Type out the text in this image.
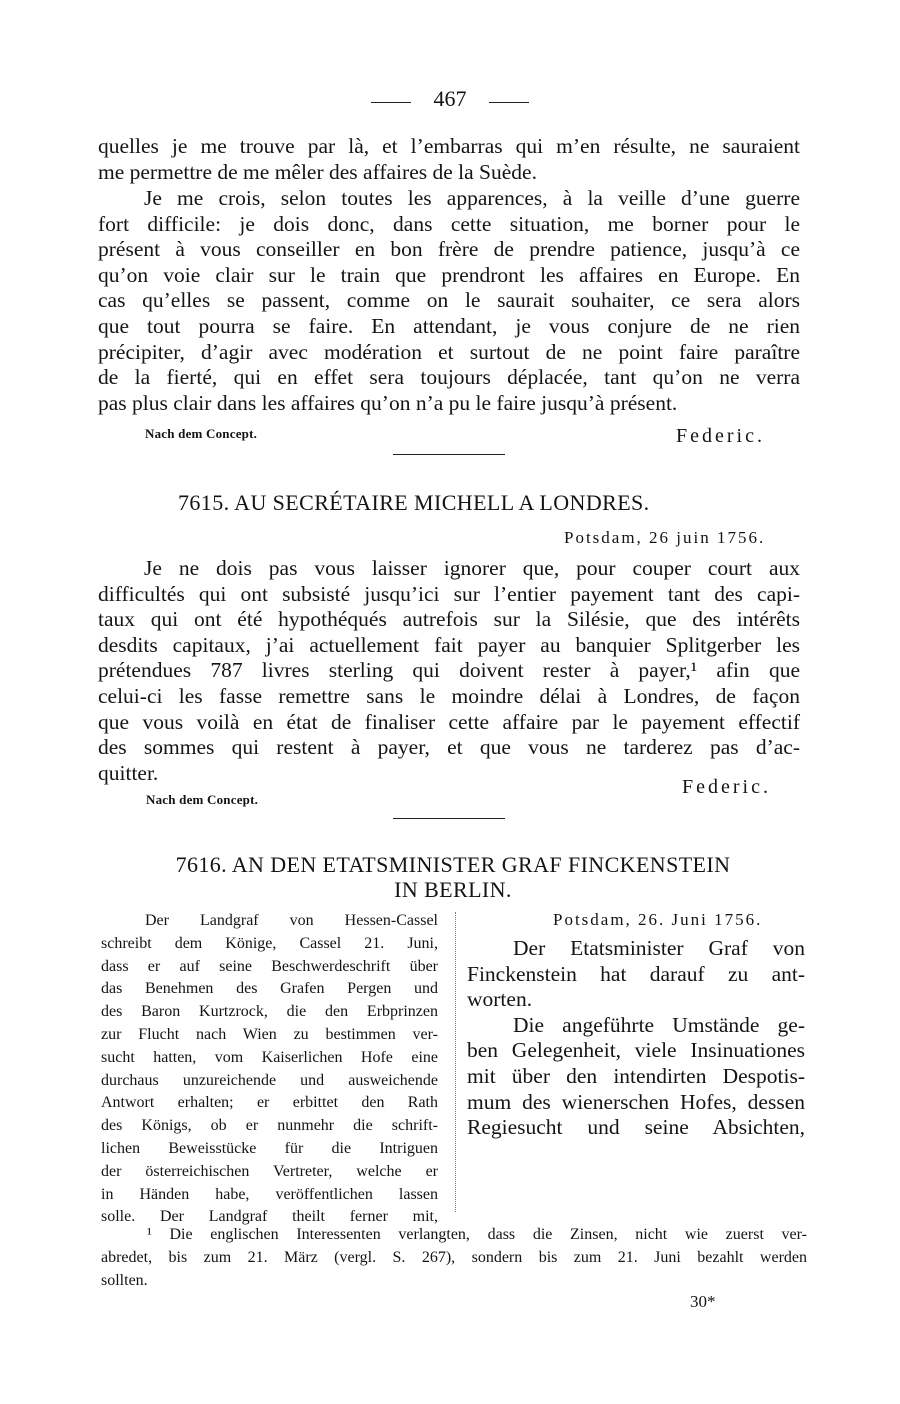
467
quelles je me trouve par là, et l’embarras qui m’en résulte, ne sauraient
me permettre de me mêler des affaires de la Suède.
Je me crois, selon toutes les apparences, à la veille d’une guerre
fort difficile: je dois donc, dans cette situation, me borner pour le
présent à vous conseiller en bon frère de prendre patience, jusqu’à ce
qu’on voie clair sur le train que prendront les affaires en Europe. En
cas qu’elles se passent, comme on le saurait souhaiter, ce sera alors
que tout pourra se faire. En attendant, je vous conjure de ne rien
précipiter, d’agir avec modération et surtout de ne point faire paraître
de la fierté, qui en effet sera toujours déplacée, tant qu’on ne verra
pas plus clair dans les affaires qu’on n’a pu le faire jusqu’à présent.
Nach dem Concept.	Federic.
7615. AU SECRÉTAIRE MICHELL A LONDRES.
Potsdam, 26 juin 1756.
Je ne dois pas vous laisser ignorer que, pour couper court aux
difficultés qui ont subsisté jusqu’ici sur l’entier payement tant des capi-
taux qui ont été hypothéqués autrefois sur la Silésie, que des intérêts
desdits capitaux, j’ai actuellement fait payer au banquier Splitgerber les
prétendues 787 livres sterling qui doivent rester à payer,¹ afin que
celui-ci les fasse remettre sans le moindre délai à Londres, de façon
que vous voilà en état de finaliser cette affaire par le payement effectif
des sommes qui restent à payer, et que vous ne tarderez pas d’ac-
quitter.
Federic.
Nach dem Concept.
7616. AN DEN ETATSMINISTER GRAF FINCKENSTEIN
IN BERLIN.
Der Landgraf von Hessen-Cassel
schreibt dem Könige, Cassel 21. Juni,
dass er auf seine Beschwerdeschrift über
das Benehmen des Grafen Pergen und
des Baron Kurtzrock, die den Erbprinzen
zur Flucht nach Wien zu bestimmen ver-
sucht hatten, vom Kaiserlichen Hofe eine
durchaus unzureichende und ausweichende
Antwort erhalten; er erbittet den Rath
des Königs, ob er nunmehr die schrift-
lichen Beweisstücke für die Intriguen
der österreichischen Vertreter, welche er
in Händen habe, veröffentlichen lassen
solle. Der Landgraf theilt ferner mit,
Potsdam, 26. Juni 1756.
Der Etatsminister Graf von
Finckenstein hat darauf zu ant-
worten.
Die angeführte Umstände ge-
ben Gelegenheit, viele Insinuationes
mit über den intendirten Despotis-
mum des wienerschen Hofes, dessen
Regiesucht und seine Absichten,
¹ Die englischen Interessenten verlangten, dass die Zinsen, nicht wie zuerst ver-
abredet, bis zum 21. März (vergl. S. 267), sondern bis zum 21. Juni bezahlt werden
sollten.
30*
